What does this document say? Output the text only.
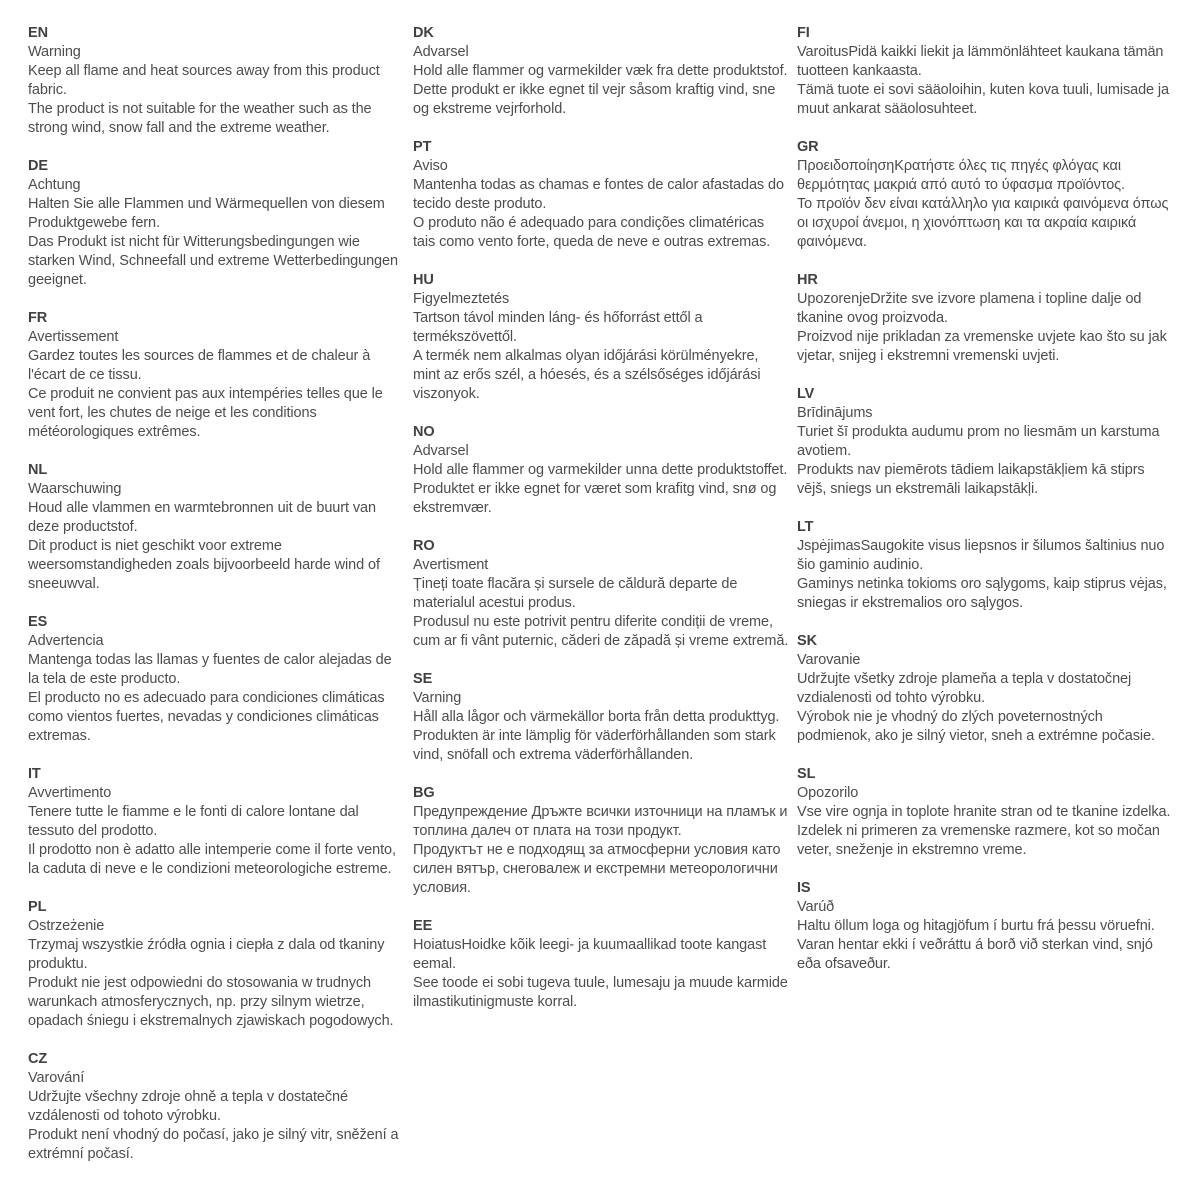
EN
Warning

Keep all flame and heat sources away from this product fabric.

The product is not suitable for the weather such as the strong wind, snow fall and the extreme weather.

DE
Achtung

Halten Sie alle Flammen und Wärmequellen von diesem Produktgewebe fern.

Das Produkt ist nicht für Witterungsbedingungen wie starken Wind, Schneefall und extreme Wetterbedingungen geeignet.

FR
Avertissement

Gardez toutes les sources de flammes et de chaleur à l'écart de ce tissu.

Ce produit ne convient pas aux intempéries telles que le vent fort, les chutes de neige et les conditions météorologiques extrêmes.

NL
Waarschuwing

Houd alle vlammen en warmtebronnen uit de buurt van deze productstof.

Dit product is niet geschikt voor extreme weersomstandigheden zoals bijvoorbeeld harde wind of sneeuwval.

ES
Advertencia

Mantenga todas las llamas y fuentes de calor alejadas de la tela de este producto.

El producto no es adecuado para condiciones climáticas como vientos fuertes, nevadas y condiciones climáticas extremas.

IT
Avvertimento

Tenere tutte le fiamme e le fonti di calore lontane dal tessuto del prodotto.

Il prodotto non è adatto alle intemperie come il forte vento, la caduta di neve e le condizioni meteorologiche estreme.

PL
Ostrzeżenie

Trzymaj wszystkie źródła ognia i ciepła z dala od tkaniny produktu.

Produkt nie jest odpowiedni do stosowania w trudnych warunkach atmosferycznych, np. przy silnym wietrze, opadach śniegu i ekstremalnych zjawiskach pogodowych.

CZ
Varování

Udržujte všechny zdroje ohně a tepla v dostatečné vzdálenosti od tohoto výrobku.

Produkt není vhodný do počasí, jako je silný vitr, sněžení a extrémní počasí.

DK
Advarsel

Hold alle flammer og varmekilder væk fra dette produktstof.

Dette produkt er ikke egnet til vejr såsom kraftig vind, sne og ekstreme vejrforhold.

PT
Aviso

Mantenha todas as chamas e fontes de calor afastadas do tecido deste produto.

O produto não é adequado para condições climatéricas tais como vento forte, queda de neve e outras extremas.

HU
Figyelmeztetés

Tartson távol minden láng- és hőforrást ettől a termékszövettől.

A termék nem alkalmas olyan időjárási körülményekre, mint az erős szél, a hóesés, és a szélsőséges időjárási viszonyok.

NO
Advarsel

Hold alle flammer og varmekilder unna dette produktstoffet.

Produktet er ikke egnet for været som krafitg vind, snø og ekstremvær.

RO
Avertisment

Țineți toate flacăra și sursele de căldură departe de materialul acestui produs.

Produsul nu este potrivit pentru diferite condiții de vreme, cum ar fi vânt puternic, căderi de zăpadă și vreme extremă.

SE
Varning

Håll alla lågor och värmekällor borta från detta produkttyg.

Produkten är inte lämplig för väderförhållanden som stark vind, snöfall och extrema väderförhållanden.

BG

Предупреждение Дръжте всички източници на пламък и топлина далеч от плата на този продукт.

Продуктът не е подходящ за атмосферни условия като силен вятър, снеговалеж и екстремни метеорологични условия.

EE

HoiatusHoidke kõik leegi- ja kuumaallikad toote kangast eemal.

See toode ei sobi tugeva tuule, lumesaju ja muude karmide ilmastikutinigmuste korral.

FI

VaroitusPidä kaikki liekit ja lämmönlähteet kaukana tämän tuotteen kankaasta.

Tämä tuote ei sovi sääoloihin, kuten kova tuuli, lumisade ja muut ankarat sääolosuhteet.

GR

ΠροειδοποίησηΚρατήστε όλες τις πηγές φλόγας και θερμότητας μακριά από αυτό το ύφασμα προϊόντος.

Το προϊόν δεν είναι κατάλληλο για καιρικά φαινόμενα όπως οι ισχυροί άνεμοι, η χιονόπτωση και τα ακραία καιρικά φαινόμενα.

HR

UpozorenjeDržite sve izvore plamena i topline dalje od tkanine ovog proizvoda.

Proizvod nije prikladan za vremenske uvjete kao što su jak vjetar, snijeg i ekstremni vremenski uvjeti.

LV
Brīdinājums

Turiet šī produkta audumu prom no liesmām un karstuma avotiem.

Produkts nav piemērots tādiem laikapstākļiem kā stiprs vējš, sniegs un ekstremāli laikapstākļi.

LT

JspėjimasSaugokite visus liepsnos ir šilumos šaltinius nuo šio gaminio audinio.

Gaminys netinka tokioms oro sąlygoms, kaip stiprus vėjas, sniegas ir ekstremalios oro sąlygos.

SK
Varovanie

Udržujte všetky zdroje plameňa a tepla v dostatočnej vzdialenosti od tohto výrobku.

Výrobok nie je vhodný do zlých poveternostných podmienok, ako je silný vietor, sneh a extrémne počasie.

SL
Opozorilo

Vse vire ognja in toplote hranite stran od te tkanine izdelka.

Izdelek ni primeren za vremenske razmere, kot so močan veter, sneženje in ekstremno vreme.

IS
Varúð

Haltu öllum loga og hitagjöfum í burtu frá þessu vöruefni.

Varan hentar ekki í veðráttu á borð við sterkan vind, snjó eða ofsaveður.
